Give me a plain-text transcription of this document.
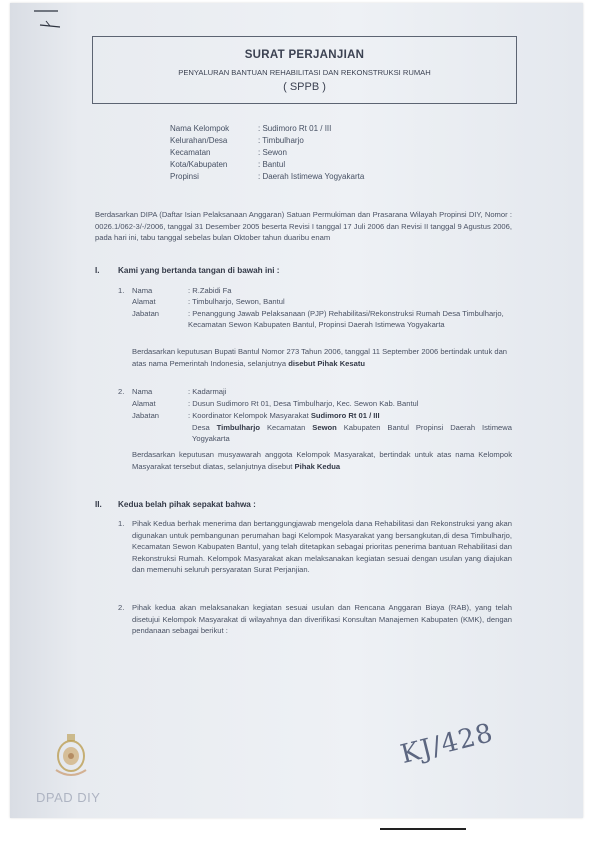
SURAT PERJANJIAN
PENYALURAN BANTUAN REHABILITASI DAN REKONSTRUKSI RUMAH
( SPPB )
Nama Kelompok	: Sudimoro Rt 01 / III
Kelurahan/Desa	: Timbulharjo
Kecamatan	: Sewon
Kota/Kabupaten	: Bantul
Propinsi	: Daerah Istimewa Yogyakarta
Berdasarkan DIPA (Daftar Isian Pelaksanaan Anggaran) Satuan Permukiman dan Prasarana Wilayah Propinsi DIY, Nomor : 0026.1/062-3/-/2006, tanggal 31 Desember 2005 beserta Revisi I tanggal 17 Juli 2006 dan Revisi II tanggal 9 Agustus 2006, pada hari ini, tabu tanggal sebelas bulan Oktober tahun duaribu enam
I. Kami yang bertanda tangan di bawah ini :
1. Nama	: R.Zabidi Fa
Alamat	: Timbulharjo, Sewon, Bantul
Jabatan	: Penanggung Jawab Pelaksanaan (PJP) Rehabilitasi/Rekonstruksi Rumah Desa Timbulharjo, Kecamatan Sewon Kabupaten Bantul, Propinsi Daerah Istimewa Yogyakarta
Berdasarkan keputusan Bupati Bantul Nomor 273 Tahun 2006, tanggal 11 September 2006 bertindak untuk dan atas nama Pemerintah Indonesia, selanjutnya disebut Pihak Kesatu
2. Nama	: Kadarmaji
Alamat	: Dusun Sudimoro Rt 01, Desa Timbulharjo, Kec. Sewon Kab. Bantul
Jabatan	: Koordinator Kelompok Masyarakat Sudimoro Rt 01 / III
Desa Timbulharjo Kecamatan Sewon Kabupaten Bantul Propinsi Daerah Istimewa Yogyakarta
Berdasarkan keputusan musyawarah anggota Kelompok Masyarakat, bertindak untuk atas nama Kelompok Masyarakat tersebut diatas, selanjutnya disebut Pihak Kedua
II. Kedua belah pihak sepakat bahwa :
1. Pihak Kedua berhak menerima dan bertanggungjawab mengelola dana Rehabilitasi dan Rekonstruksi yang akan digunakan untuk pembangunan perumahan bagi Kelompok Masyarakat yang bersangkutan,di desa Timbulharjo, Kecamatan Sewon Kabupaten Bantul, yang telah ditetapkan sebagai prioritas penerima bantuan Rehabilitasi dan Rekonstruksi Rumah. Kelompok Masyarakat akan melaksanakan kegiatan sesuai dengan usulan yang diajukan dan memenuhi seluruh persyaratan Surat Perjanjian.
2. Pihak kedua akan melaksanakan kegiatan sesuai usulan dan Rencana Anggaran Biaya (RAB), yang telah disetujui Kelompok Masyarakat di wilayahnya dan diverifikasi Konsultan Manajemen Kabupaten (KMK), dengan pendanaan sebagai berikut :
DPAD DIY
KJ/428
